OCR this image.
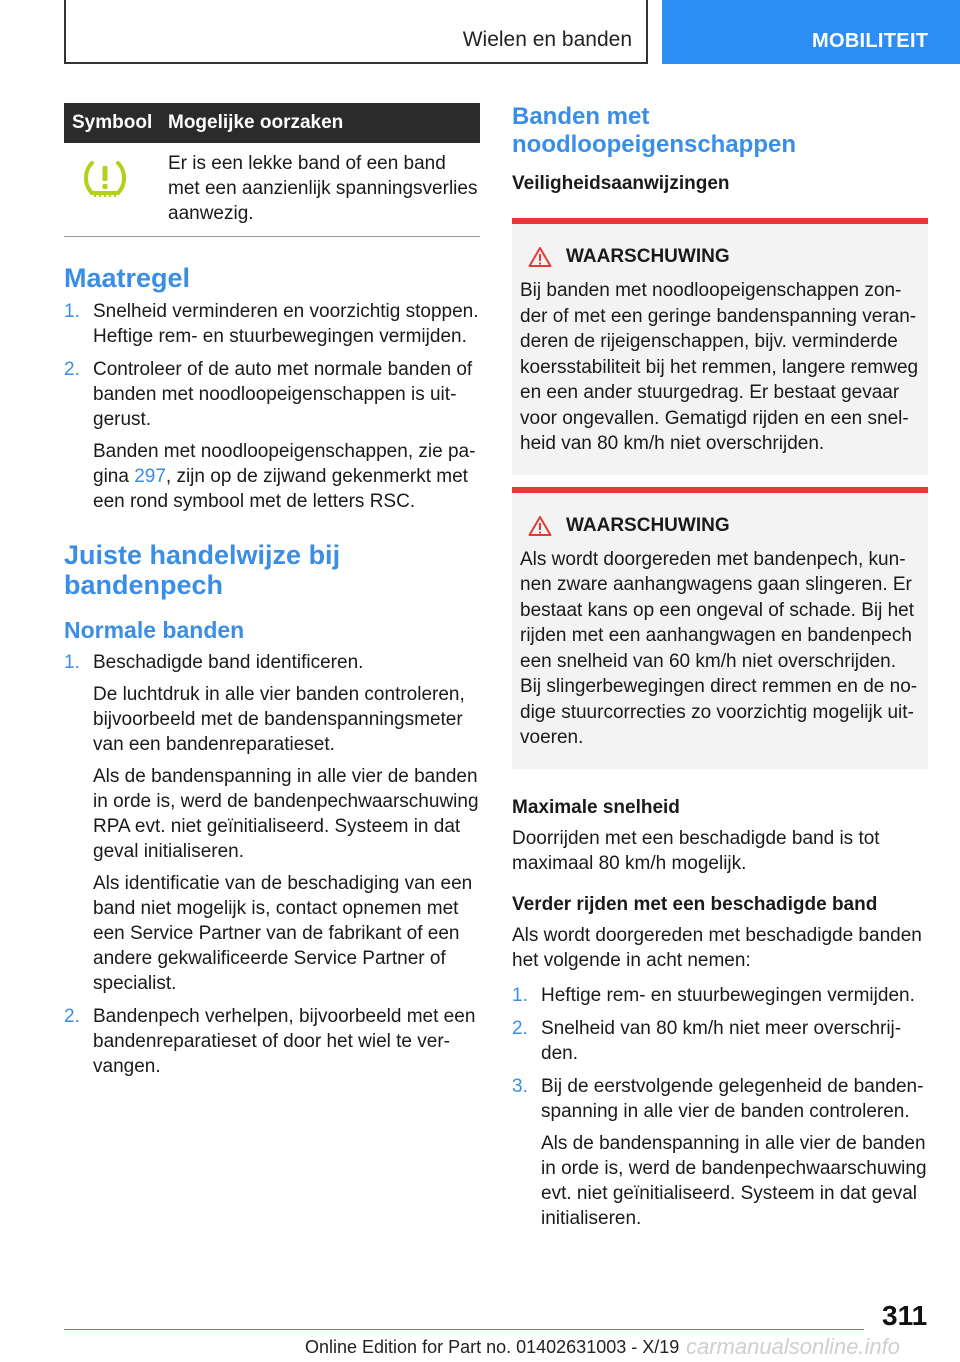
Wielen en banden	MOBILITEIT
Symbool	Mogelijke oorzaken
	Er is een lekke band of een band met een aanzienlijk spanningsverlies aanwezig.
Maatregel
1. Snelheid verminderen en voorzichtig stoppen. Heftige rem- en stuurbewegingen vermijden.
2. Controleer of de auto met normale banden of banden met noodloopeigenschappen is uitgerust.
Banden met noodloopeigenschappen, zie pagina 297, zijn op de zijwand gekenmerkt met een rond symbool met de letters RSC.
Juiste handelwijze bij bandenpech
Normale banden
1. Beschadigde band identificeren.
De luchtdruk in alle vier banden controleren, bijvoorbeeld met de bandenspanningsmeter van een bandenreparatieset.
Als de bandenspanning in alle vier de banden in orde is, werd de bandenpechwaarschuwing RPA evt. niet geïnitialiseerd. Systeem in dat geval initialiseren.
Als identificatie van de beschadiging van een band niet mogelijk is, contact opnemen met een Service Partner van de fabrikant of een andere gekwalificeerde Service Partner of specialist.
2. Bandenpech verhelpen, bijvoorbeeld met een bandenreparatieset of door het wiel te vervangen.
Banden met noodloopeigenschappen
Veiligheidsaanwijzingen
WAARSCHUWING
Bij banden met noodloopeigenschappen zonder of met een geringe bandenspanning veranderen de rijeigenschappen, bijv. verminderde koersstabiliteit bij het remmen, langere remweg en een ander stuurgedrag. Er bestaat gevaar voor ongevallen. Gematigd rijden en een snelheid van 80 km/h niet overschrijden.
WAARSCHUWING
Als wordt doorgereden met bandenpech, kunnen zware aanhangwagens gaan slingeren. Er bestaat kans op een ongeval of schade. Bij het rijden met een aanhangwagen en bandenpech een snelheid van 60 km/h niet overschrijden. Bij slingerbewegingen direct remmen en de nodige stuurcorrecties zo voorzichtig mogelijk uitvoeren.
Maximale snelheid
Doorrijden met een beschadigde band is tot maximaal 80 km/h mogelijk.
Verder rijden met een beschadigde band
Als wordt doorgereden met beschadigde banden het volgende in acht nemen:
1. Heftige rem- en stuurbewegingen vermijden.
2. Snelheid van 80 km/h niet meer overschrijden.
3. Bij de eerstvolgende gelegenheid de bandenspanning in alle vier de banden controleren.
Als de bandenspanning in alle vier de banden in orde is, werd de bandenpechwaarschuwing evt. niet geïnitialiseerd. Systeem in dat geval initialiseren.
311
Online Edition for Part no. 01402631003 - X/19 carmanualsonline.info
